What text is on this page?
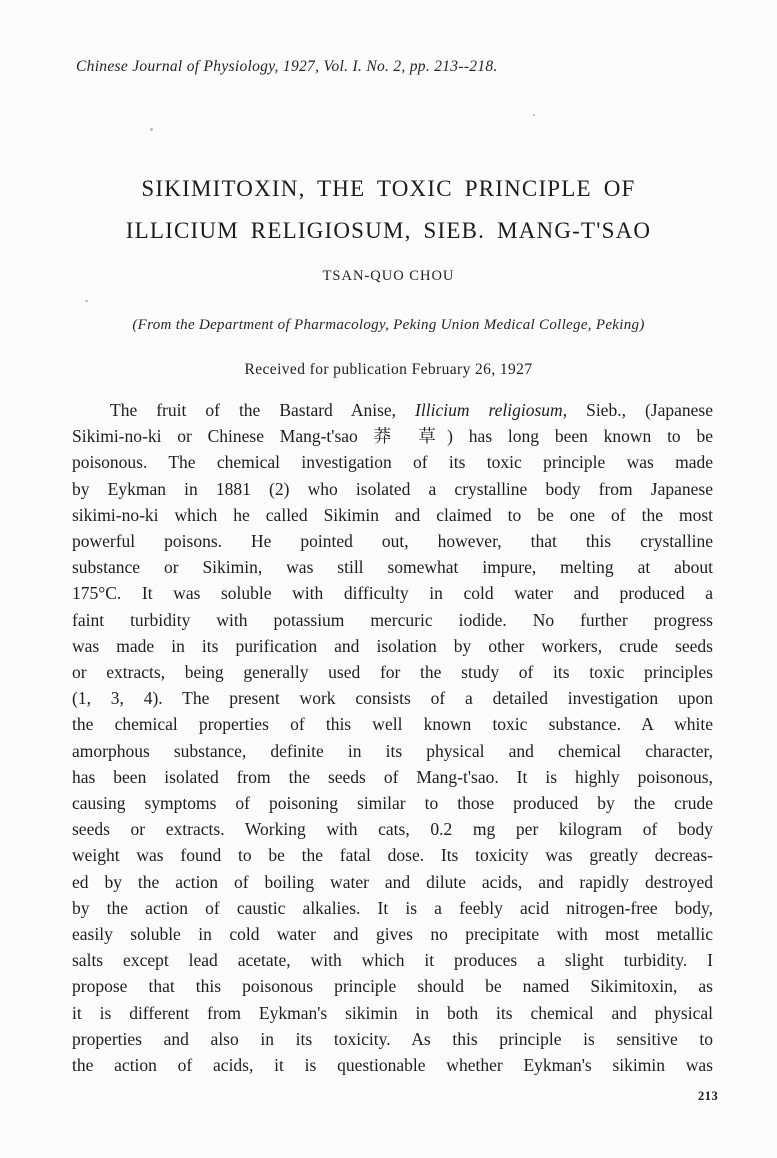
Chinese Journal of Physiology, 1927, Vol. I. No. 2, pp. 213--218.
SIKIMITOXIN, THE TOXIC PRINCIPLE OF
ILLICIUM RELIGIOSUM, SIEB. MANG-T'SAO
TSAN-QUO CHOU
(From the Department of Pharmacology, Peking Union Medical College, Peking)
Received for publication February 26, 1927
The fruit of the Bastard Anise, Illicium religiosum, Sieb., (Japanese
Sikimi-no-ki or Chinese Mang-t'sao 莽 草) has long been known to be
poisonous. The chemical investigation of its toxic principle was made
by Eykman in 1881 (2) who isolated a crystalline body from Japanese
sikimi-no-ki which he called Sikimin and claimed to be one of the most
powerful poisons. He pointed out, however, that this crystalline
substance or Sikimin, was still somewhat impure, melting at about
175°C. It was soluble with difficulty in cold water and produced a
faint turbidity with potassium mercuric iodide. No further progress
was made in its purification and isolation by other workers, crude seeds
or extracts, being generally used for the study of its toxic principles
(1, 3, 4). The present work consists of a detailed investigation upon
the chemical properties of this well known toxic substance. A white
amorphous substance, definite in its physical and chemical character,
has been isolated from the seeds of Mang-t'sao. It is highly poisonous,
causing symptoms of poisoning similar to those produced by the crude
seeds or extracts. Working with cats, 0.2 mg per kilogram of body
weight was found to be the fatal dose. Its toxicity was greatly decreas-
ed by the action of boiling water and dilute acids, and rapidly destroyed
by the action of caustic alkalies. It is a feebly acid nitrogen-free body,
easily soluble in cold water and gives no precipitate with most metallic
salts except lead acetate, with which it produces a slight turbidity. I
propose that this poisonous principle should be named Sikimitoxin, as
it is different from Eykman's sikimin in both its chemical and physical
properties and also in its toxicity. As this principle is sensitive to
the action of acids, it is questionable whether Eykman's sikimin was
213
